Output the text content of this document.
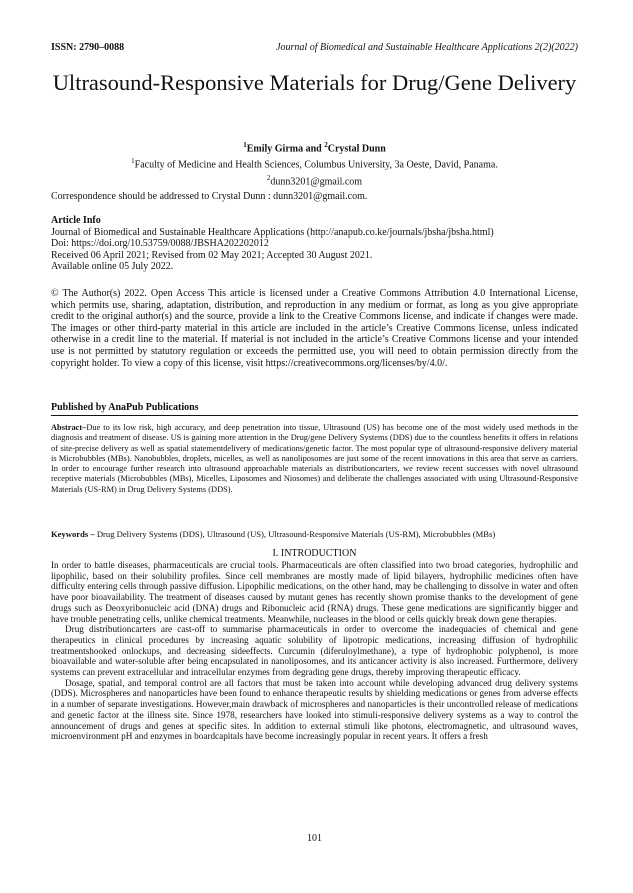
ISSN: 2790–0088	Journal of Biomedical and Sustainable Healthcare Applications 2(2)(2022)
Ultrasound-Responsive Materials for Drug/Gene Delivery
$^1$Emily Girma and $^2$Crystal Dunn
$^1$Faculty of Medicine and Health Sciences, Columbus University, 3a Oeste, David, Panama.
$^2$dunn3201@gmail.com
Correspondence should be addressed to Crystal Dunn : dunn3201@gmail.com.
Article Info
Journal of Biomedical and Sustainable Healthcare Applications (http://anapub.co.ke/journals/jbsha/jbsha.html)
Doi: https://doi.org/10.53759/0088/JBSHA202202012
Received 06 April 2021; Revised from 02 May 2021; Accepted 30 August 2021.
Available online 05 July 2022.
© The Author(s) 2022. Open Access This article is licensed under a Creative Commons Attribution 4.0 International License, which permits use, sharing, adaptation, distribution, and reproduction in any medium or format, as long as you give appropriate credit to the original author(s) and the source, provide a link to the Creative Commons license, and indicate if changes were made. The images or other third-party material in this article are included in the article’s Creative Commons license, unless indicated otherwise in a credit line to the material. If material is not included in the article’s Creative Commons license and your intended use is not permitted by statutory regulation or exceeds the permitted use, you will need to obtain permission directly from the copyright holder. To view a copy of this license, visit https://creativecommons.org/licenses/by/4.0/.
Published by AnaPub Publications
Abstract–Due to its low risk, high accuracy, and deep penetration into tissue, Ultrasound (US) has become one of the most widely used methods in the diagnosis and treatment of disease. US is gaining more attention in the Drug/gene Delivery Systems (DDS) due to the countless benefits it offers in relations of site-precise delivery as well as spatial statementdelivery of medications/genetic factor. The most popular type of ultrasound-responsive delivery material is Microbubbles (MBs). Nanobubbles, droplets, micelles, as well as nanoliposomes are just some of the recent innovations in this area that serve as carriers. In order to encourage further research into ultrasound approachable materials as distributioncarters, we review recent successes with novel ultrasound receptive materials (Microbubbles (MBs), Micelles, Liposomes and Niosomes) and deliberate the challenges associated with using Ultrasound-Responsive Materials (US-RM) in Drug Delivery Systems (DDS).
Keywords – Drug Delivery Systems (DDS), Ultrasound (US), Ultrasound-Responsive Materials (US-RM), Microbubbles (MBs)
I. INTRODUCTION

In order to battle diseases, pharmaceuticals are crucial tools. Pharmaceuticals are often classified into two broad categories, hydrophilic and lipophilic, based on their solubility profiles. Since cell membranes are mostly made of lipid bilayers, hydrophilic medicines often have difficulty entering cells through passive diffusion. Lipophilic medications, on the other hand, may be challenging to dissolve in water and often have poor bioavailability. The treatment of diseases caused by mutant genes has recently shown promise thanks to the development of gene drugs such as Deoxyribonucleic acid (DNA) drugs and Ribonucleic acid (RNA) drugs. These gene medications are significantly bigger and have trouble penetrating cells, unlike chemical treatments. Meanwhile, nucleases in the blood or cells quickly break down gene therapies.

Drug distributioncarters are cast-off to summarise pharmaceuticals in order to overcome the inadequacies of chemical and gene therapeutics in clinical procedures by increasing aquatic solubility of lipotropic medications, increasing diffusion of hydrophilic treatmentshooked onlockups, and decreasing sideeffects. Curcumin (diferuloylmethane), a type of hydrophobic polyphenol, is more bioavailable and water-soluble after being encapsulated in nanoliposomes, and its anticancer activity is also increased. Furthermore, delivery systems can prevent extracellular and intracellular enzymes from degrading gene drugs, thereby improving therapeutic efficacy.

Dosage, spatial, and temporal control are all factors that must be taken into account while developing advanced drug delivery systems (DDS). Microspheres and nanoparticles have been found to enhance therapeutic results by shielding medications or genes from adverse effects in a number of separate investigations. However,main drawback of microspheres and nanoparticles is their uncontrolled release of medications and genetic factor at the illness site. Since 1978, researchers have looked into stimuli-responsive delivery systems as a way to control the announcement of drugs and genes at specific sites. In addition to external stimuli like photons, electromagnetic, and ultrasound waves, microenvironment pH and enzymes in boardcapitals have become increasingly popular in recent years. It offers a fresh

101
